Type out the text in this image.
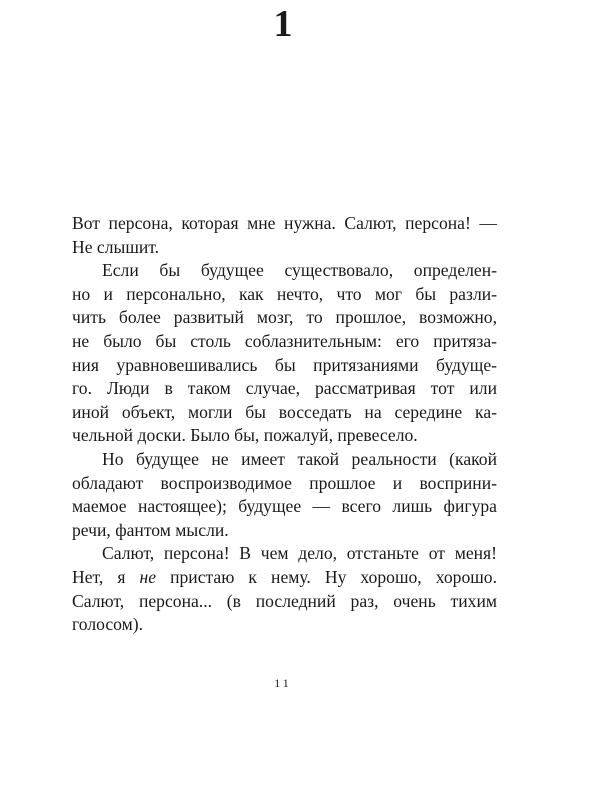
1

Вот персона, которая мне нужна. Салют, персона! —
Не слышит.

Если бы будущее существовало, определен-
но и персонально, как нечто, что мог бы разли-
чить более развитый мозг, то прошлое, возможно,
не было бы столь соблазнительным: его притяза-
ния уравновешивались бы притязаниями будуще-
го. Люди в таком случае, рассматривая тот или
иной объект, могли бы восседать на середине ка-
чельной доски. Было бы, пожалуй, превесело.

Но будущее не имеет такой реальности (какой
обладают воспроизводимое прошлое и восприни-
маемое настоящее); будущее — всего лишь фигура
речи, фантом мысли.

Салют, персона! В чем дело, отстаньте от меня!
Нет, я не пристаю к нему. Ну хорошо, хорошо.
Салют, персона... (в последний раз, очень тихим
голосом).

11
